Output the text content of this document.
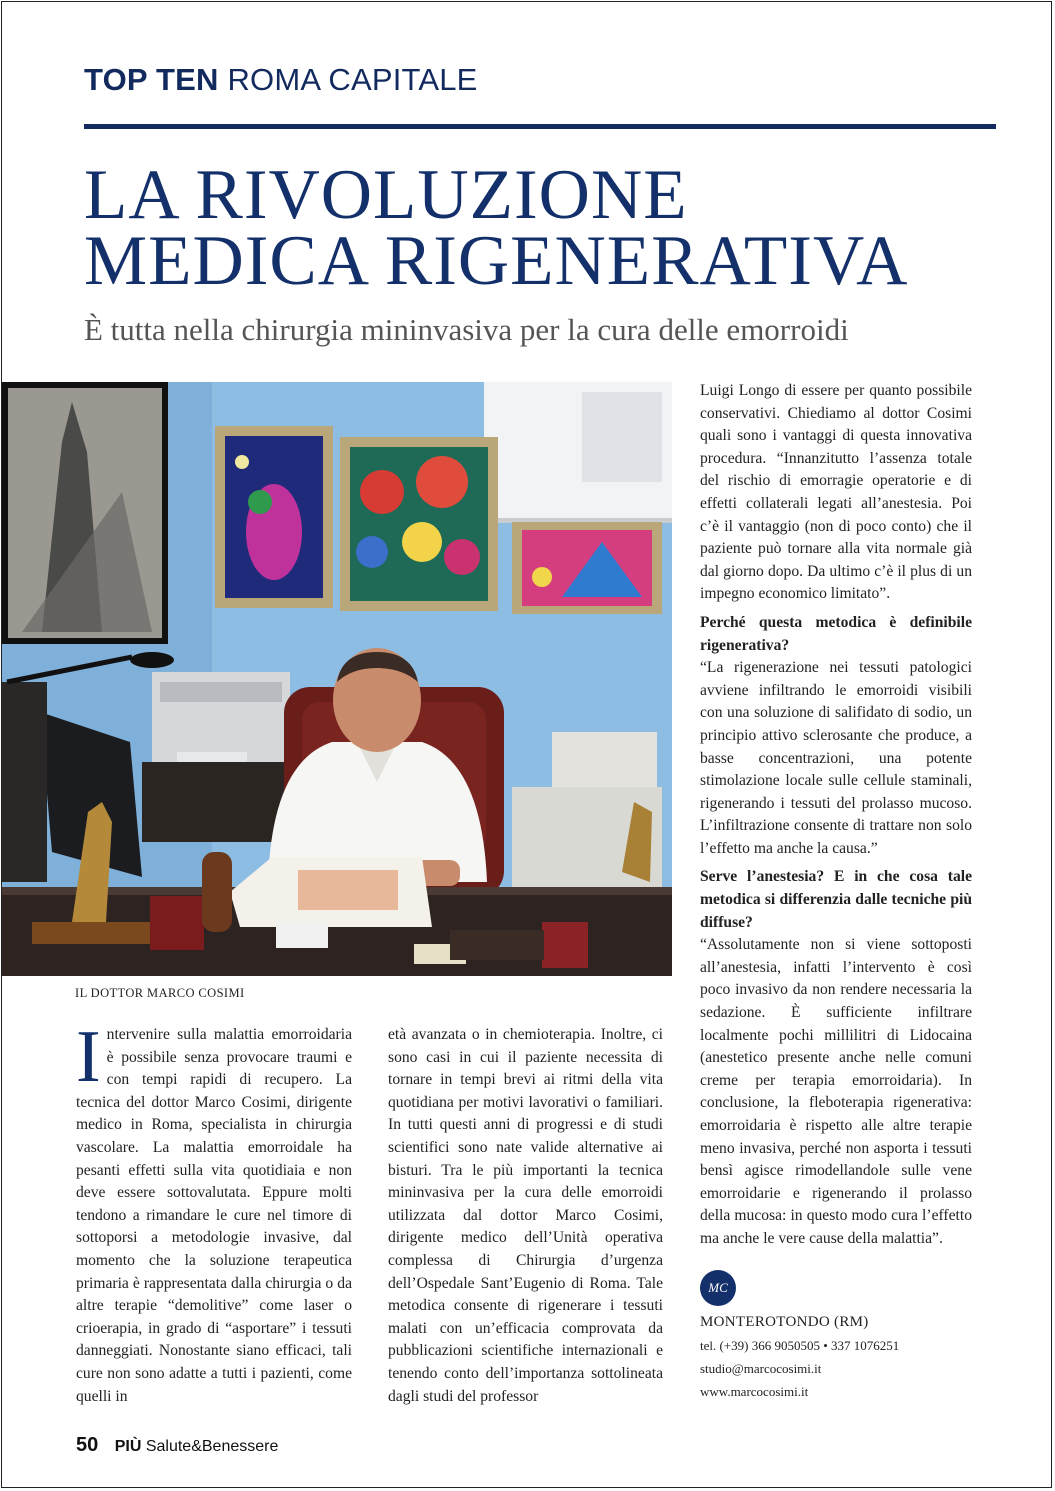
TOP TEN ROMA CAPITALE
LA RIVOLUZIONE
MEDICA RIGENERATIVA
È tutta nella chirurgia mininvasiva per la cura delle emorroidi
IL DOTTOR MARCO COSIMI
I ntervenire sulla malattia emorroidaria è possibile senza provocare traumi e con tempi rapidi di recupero. La tecnica del dottor Marco Cosimi, dirigente medico in Roma, specialista in chirurgia vascolare. La malattia emorroidale ha pesanti effetti sulla vita quotidiaia e non deve essere sottovalutata. Eppure molti tendono a rimandare le cure nel timore di sottoporsi a metodologie invasive, dal momento che la soluzione terapeutica primaria è rappresentata dalla chirurgia o da altre terapie “demolitive” come laser o crioerapia, in grado di “asportare” i tessuti danneggiati. Nonostante siano efficaci, tali cure non sono adatte a tutti i pazienti, come quelli in

età avanzata o in chemioterapia. Inoltre, ci sono casi in cui il paziente necessita di tornare in tempi brevi ai ritmi della vita quotidiana per motivi lavorativi o familiari. In tutti questi anni di progressi e di studi scientifici sono nate valide alternative ai bisturi. Tra le più importanti la tecnica mininvasiva per la cura delle emorroidi utilizzata dal dottor Marco Cosimi, dirigente medico dell’Unità operativa complessa di Chirurgia d’urgenza dell’Ospedale Sant’Eugenio di Roma. Tale metodica consente di rigenerare i tessuti malati con un’efficacia comprovata da pubblicazioni scientifiche internazionali e tenendo conto dell’importanza sottolineata dagli studi del professor

Luigi Longo di essere per quanto possibile conservativi. Chiediamo al dottor Cosimi quali sono i vantaggi di questa innovativa procedura. “Innanzitutto l’assenza totale del rischio di emorragie operatorie e di effetti collaterali legati all’anestesia. Poi c’è il vantaggio (non di poco conto) che il paziente può tornare alla vita normale già dal giorno dopo. Da ultimo c’è il plus di un impegno economico limitato”.

Perché questa metodica è definibile rigenerativa?

“La rigenerazione nei tessuti patologici avviene infiltrando le emorroidi visibili con una soluzione di salifidato di sodio, un principio attivo sclerosante che produce, a basse concentrazioni, una potente stimolazione locale sulle cellule staminali, rigenerando i tessuti del prolasso mucoso. L’infiltrazione consente di trattare non solo l’effetto ma anche la causa.”

Serve l’anestesia? E in che cosa tale metodica si differenzia dalle tecniche più diffuse?

“Assolutamente non si viene sottoposti all’anestesia, infatti l’intervento è così poco invasivo da non rendere necessaria la sedazione. È sufficiente infiltrare localmente pochi millilitri di Lidocaina (anestetico presente anche nelle comuni creme per terapia emorroidaria). In conclusione, la fleboterapia rigenerativa: emorroidaria è rispetto alle altre terapie meno invasiva, perché non asporta i tessuti bensì agisce rimodellandole sulle vene emorroidarie e rigenerando il prolasso della mucosa: in questo modo cura l’effetto ma anche le vere cause della malattia”.

MC
MONTEROTONDO (RM)
tel. (+39) 366 9050505 • 337 1076251
studio@marcocosimi.it
www.marcocosimi.it
50 PIÙ Salute&Benessere
